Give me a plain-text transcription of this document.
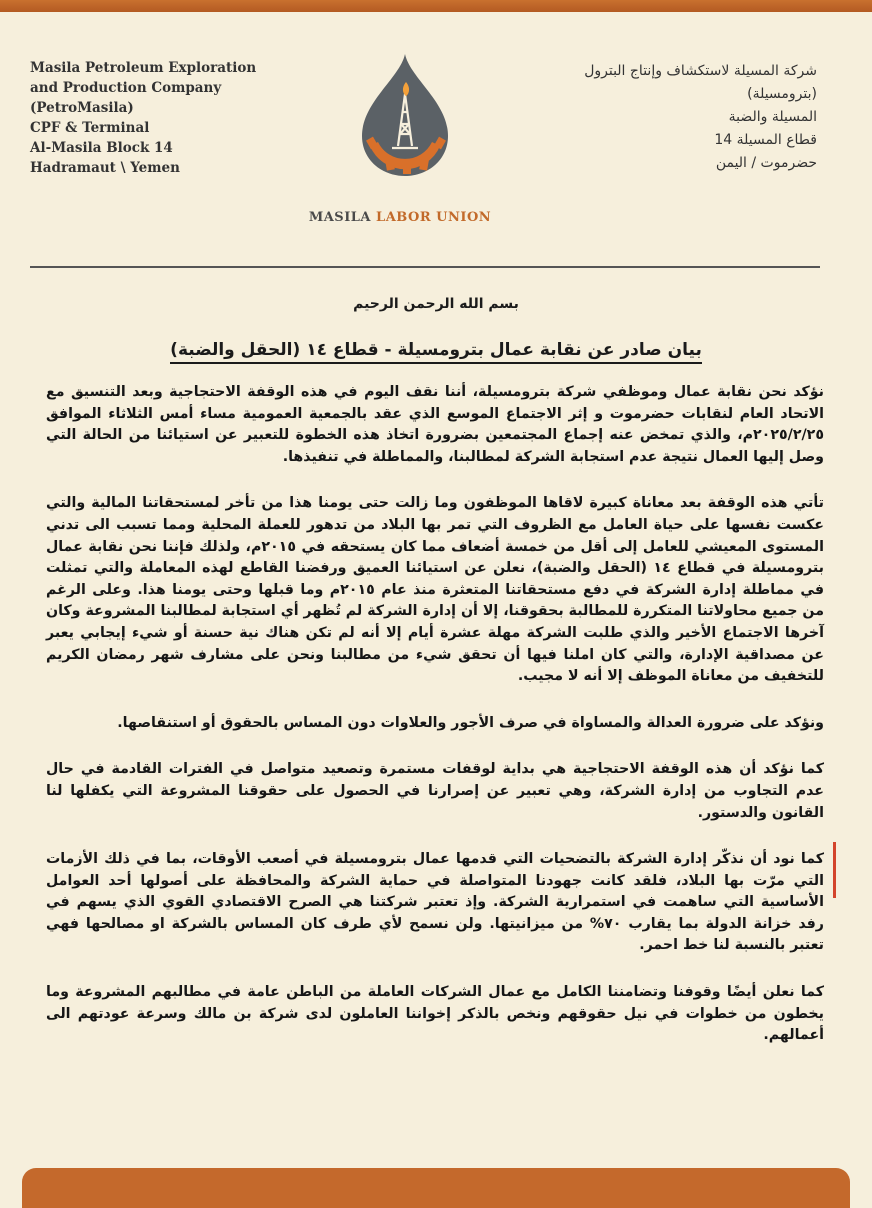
Masila Petroleum Exploration
and Production Company
(PetroMasila)
CPF & Terminal
Al-Masila Block 14
Hadramaut \ Yemen
MASILA LABOR UNION
شركة المسيلة لاستكشاف وإنتاج البترول
(بترومسيلة)
المسيلة والضبة
قطاع المسيلة 14
حضرموت / اليمن
بسم الله الرحمن الرحيم
بيان صادر عن نقابة عمال بترومسيلة - قطاع ١٤ (الحقل والضبة)

نؤكد نحن نقابة عمال وموظفي شركة بترومسيلة، أننا نقف اليوم في هذه الوقفة الاحتجاجية وبعد التنسيق مع الاتحاد العام لنقابات حضرموت و إثر الاجتماع الموسع الذي عقد بالجمعية العمومية مساء أمس الثلاثاء الموافق ٢٠٢٥/٢/٢٥م، والذي تمخض عنه إجماع المجتمعين بضرورة اتخاذ هذه الخطوة للتعبير عن استيائنا من الحالة التي وصل إليها العمال نتيجة عدم استجابة الشركة لمطالبنا، والمماطلة في تنفيذها.

تأتي هذه الوقفة بعد معاناة كبيرة لاقاها الموظفون وما زالت حتى يومنا هذا من تأخر لمستحقاتنا المالية والتي عكست نفسها على حياة العامل مع الظروف التي تمر بها البلاد من تدهور للعملة المحلية ومما تسبب الى تدني المستوى المعيشي للعامل إلى أقل من خمسة أضعاف مما كان يستحقه في ٢٠١٥م، ولذلك فإننا نحن نقابة عمال بترومسيلة في قطاع ١٤ (الحقل والضبة)، نعلن عن استيائنا العميق ورفضنا القاطع لهذه المعاملة والتي تمثلت في مماطلة إدارة الشركة في دفع مستحقاتنا المتعثرة منذ عام ٢٠١٥م وما قبلها وحتى يومنا هذا. وعلى الرغم من جميع محاولاتنا المتكررة للمطالبة بحقوقنا، إلا أن إدارة الشركة لم تُظهر أي استجابة لمطالبنا المشروعة وكان آخرها الاجتماع الأخير والذي طلبت الشركة مهلة عشرة أيام إلا أنه لم تكن هناك نية حسنة أو شيء إيجابي يعبر عن مصداقية الإدارة، والتي كان املنا فيها أن تحقق شيء من مطالبنا ونحن على مشارف شهر رمضان الكريم للتخفيف من معاناة الموظف إلا أنه لا مجيب.

ونؤكد على ضرورة العدالة والمساواة في صرف الأجور والعلاوات دون المساس بالحقوق أو استنقاصها.

كما نؤكد أن هذه الوقفة الاحتجاجية هي بداية لوقفات مستمرة وتصعيد متواصل في الفترات القادمة في حال عدم التجاوب من إدارة الشركة، وهي تعبير عن إصرارنا في الحصول على حقوقنا المشروعة التي يكفلها لنا القانون والدستور.

كما نود أن نذكّر إدارة الشركة بالتضحيات التي قدمها عمال بترومسيلة في أصعب الأوقات، بما في ذلك الأزمات التي مرّت بها البلاد، فلقد كانت جهودنا المتواصلة في حماية الشركة والمحافظة على أصولها أحد العوامل الأساسية التي ساهمت في استمرارية الشركة. وإذ تعتبر شركتنا هي الصرح الاقتصادي القوي الذي يسهم في رفد خزانة الدولة بما يقارب ٧٠% من ميزانيتها. ولن نسمح لأي طرف كان المساس بالشركة او مصالحها فهي تعتبر بالنسبة لنا خط احمر.

كما نعلن أيضًا وقوفنا وتضامننا الكامل مع عمال الشركات العاملة من الباطن عامة في مطالبهم المشروعة وما يخطون من خطوات في نيل حقوقهم ونخص بالذكر إخواننا العاملون لدى شركة بن مالك وسرعة عودتهم الى أعمالهم.
